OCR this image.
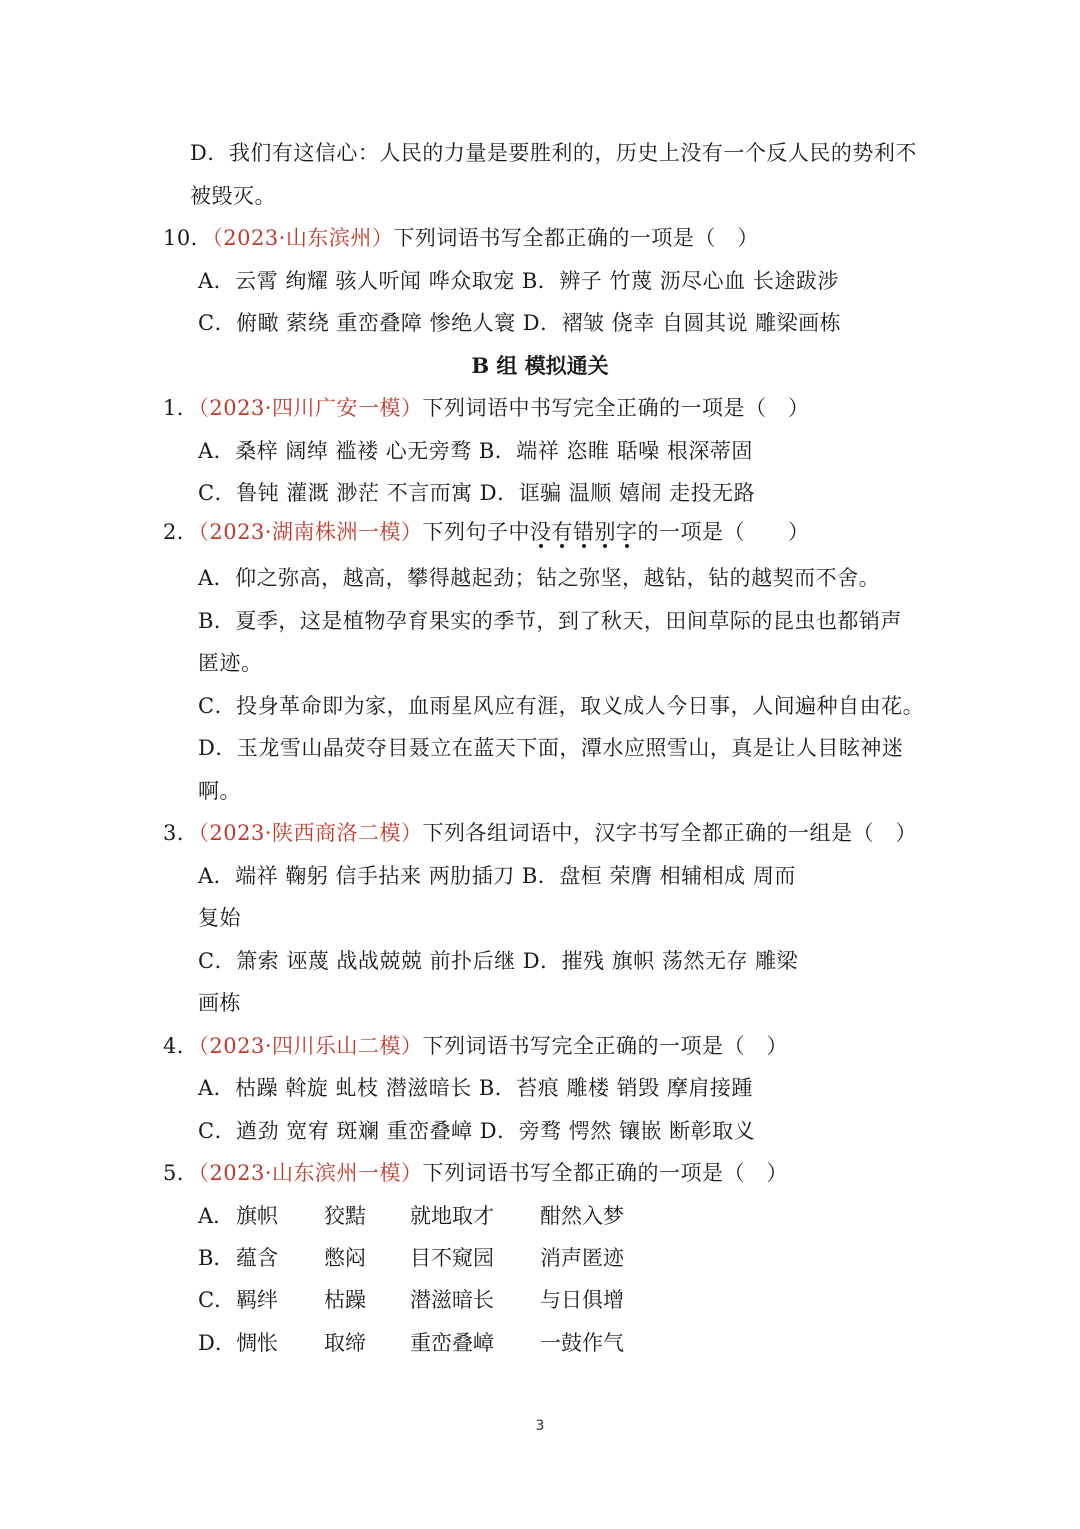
D．我们有这信心：人民的力量是要胜利的，历史上没有一个反人民的势利不
被毁灭。
10．（2023·山东滨州）下列词语书写全都正确的一项是（　）
A．云霄 绚耀 骇人听闻 哗众取宠 B．辨子 竹蔑 沥尽心血 长途跋涉
C．俯瞰 萦绕 重峦叠障 惨绝人寰 D．褶皱 侥幸 自圆其说 雕梁画栋
B 组 模拟通关
1．（2023·四川广安一模）下列词语中书写完全正确的一项是（　）
A．桑梓 阔绰 褴褛 心无旁骛 B．端祥 恣睢 聒噪 根深蒂固
C．鲁钝 灌溉 渺茫 不言而寓 D．诓骗 温顺 嬉闹 走投无路
2．（2023·湖南株洲一模）下列句子中没有错别字的一项是（　　）
A．仰之弥高，越高，攀得越起劲；钻之弥坚，越钻，钻的越契而不舍。
B．夏季，这是植物孕育果实的季节，到了秋天，田间草际的昆虫也都销声
匿迹。
C．投身革命即为家，血雨星风应有涯，取义成人今日事，人间遍种自由花。
D．玉龙雪山晶荧夺目聂立在蓝天下面，潭水应照雪山，真是让人目眩神迷
啊。
3．（2023·陕西商洛二模）下列各组词语中，汉字书写全都正确的一组是（　）
A．端祥 鞠躬 信手拈来 两肋插刀 B．盘桓 荣膺 相辅相成 周而
复始
C．箫索 诬蔑 战战兢兢 前扑后继 D．摧残 旗帜 荡然无存 雕梁
画栋
4．（2023·四川乐山二模）下列词语书写完全正确的一项是（　）
A．枯躁 斡旋 虬枝 潜滋暗长 B．苔痕 雕楼 销毁 摩肩接踵
C．遒劲 宽宥 斑斓 重峦叠嶂 D．旁骛 愕然 镶嵌 断彰取义
5．（2023·山东滨州一模）下列词语书写全都正确的一项是（　）
A．旗帜 狡黠 就地取才 酣然入梦
B．蕴含 憋闷 目不窥园 消声匿迹
C．羁绊 枯躁 潜滋暗长 与日俱增
D．惆怅 取缔 重峦叠嶂 一鼓作气
3
